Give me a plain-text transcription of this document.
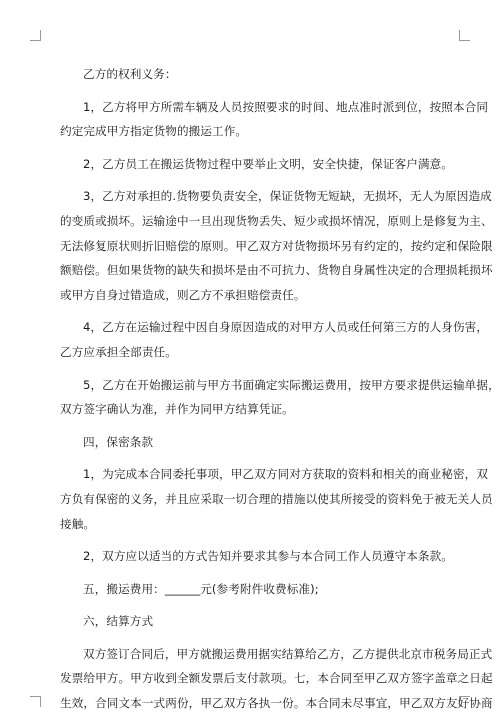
乙方的权利义务：
1，乙方将甲方所需车辆及人员按照要求的时间、地点准时派到位，按照本合同
约定完成甲方指定货物的搬运工作。
2，乙方员工在搬运货物过程中要举止文明，安全快捷，保证客户满意。
3，乙方对承担的.货物要负责安全，保证货物无短缺，无损坏，无人为原因造成
的变质或损坏。运输途中一旦出现货物丢失、短少或损坏情况，原则上是修复为主、
无法修复原状则折旧赔偿的原则。甲乙双方对货物损坏另有约定的，按约定和保险限
额赔偿。但如果货物的缺失和损坏是由不可抗力、货物自身属性决定的合理损耗损坏
或甲方自身过错造成，则乙方不承担赔偿责任。
4，乙方在运输过程中因自身原因造成的对甲方人员或任何第三方的人身伤害，
乙方应承担全部责任。
5，乙方在开始搬运前与甲方书面确定实际搬运费用，按甲方要求提供运输单据，
双方签字确认为准，并作为同甲方结算凭证。
四，保密条款
1，为完成本合同委托事项，甲乙双方同对方获取的资料和相关的商业秘密，双
方负有保密的义务，并且应采取一切合理的措施以使其所接受的资料免于被无关人员
接触。
2，双方应以适当的方式告知并要求其参与本合同工作人员遵守本条款。
五，搬运费用：______元(参考附件收费标准);
六，结算方式
双方签订合同后，甲方就搬运费用据实结算给乙方，乙方提供北京市税务局正式
发票给甲方。甲方收到全额发票后支付款项。七，本合同至甲乙双方签字盖章之日起
生效，合同文本一式两份，甲乙双方各执一份。本合同未尽事宜，甲乙双方友好协商
